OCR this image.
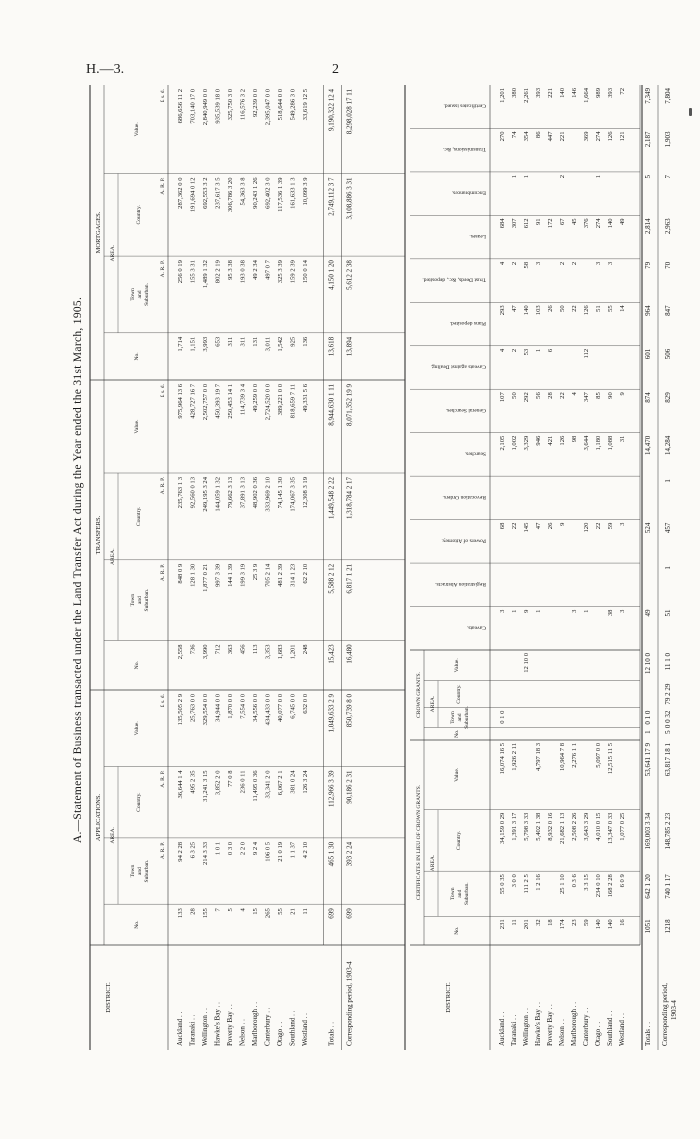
H.—3.	2
A.—Statement of Business transacted under the Land Transfer Act during the Year ended the 31st March, 1905.
DISTRICT.
APPLICATIONS.
TRANSFERS.
MORTGAGES.
No.
AREA.
Town and Suburban.
Country.
Value.
A. R. P.
A. R. P.
£ s. d.
No.
AREA.
Town and Suburban.
Country.
Value.
A. R. P.
A. R. P.
£ s. d.
No.
AREA.
Town and Suburban.
Country.
Value.
A. R. P.
A. R. P.
£ s. d.
Auckland . .
133
94 2 28
36,644 1 4
135,505 2 9
2,558
848 0 9
235,763 1 3
975,964 13 6
1,714
256 0 19
287,362 0 0
686,656 11 2
Taranaki . .
28
6 3 25
495 2 35
25,763 0 0
736
128 1 30
92,560 0 13
428,727 16 7
1,151
155 3 31
191,694 0 12
703,140 17 0
Wellington . .
155
214 3 33
31,241 3 15
329,554 0 0
3,990
1,877 0 21
249,195 3 24
2,502,757 0 0
3,993
1,489 1 32
692,553 3 2
2,840,949 0 0
Hawke's Bay . .
7
1 0 1
3,852 2 0
34,944 0 0
712
997 3 39
144,059 1 32
450,393 19 7
653
802 2 19
237,617 3 5
935,539 18 0
Poverty Bay . .
5
0 3 0
77 0 8
1,870 0 0
363
144 1 39
79,662 3 13
250,453 14 1
311
95 3 38
306,786 3 20
325,750 3 0
Nelson . .
4
2 2 0
236 0 11
7,554 0 0
456
199 3 19
37,891 3 13
114,739 3 4
311
193 0 38
54,363 3 8
116,576 3 2
Marlborough . .
15
9 2 4
11,495 0 36
34,556 0 0
113
25 3 9
48,902 0 36
49,259 0 0
131
49 2 34
90,243 1 26
92,239 0 0
Canterbury . .
265
106 0 5
33,341 2 0
434,433 0 0
3,353
705 2 14
333,969 2 10
2,724,520 0 0
3,011
497 0 7
692,402 3 0
2,395,047 0 0
Otago . .
55
21 0 19
6,067 2 1
40,077 0 0
1,683
481 2 39
74,145 1 30
389,221 0 0
1,542
325 3 39
117,536 1 39
518,644 0 0
Southland . .
21
1 1 37
381 0 24
6,745 0 0
1,201
314 1 23
174,067 3 35
818,659 7 11
925
159 2 39
161,633 1 3
549,286 3 0
Westland . .
11
4 2 10
126 3 24
632 0 0
248
62 2 10
12,308 3 19
49,331 5 6
136
150 0 14
10,099 3 9
33,619 12 5
Totals . .
699
465 1 30
112,966 3 39
1,049,633 2 9
15,423
5,588 2 12
1,449,548 2 22
8,944,630 1 11
13,618
4,150 1 20
2,749,112 3 7
9,190,322 12 4
Corresponding period, 1903-4
699
393 2 24
90,186 2 31
850,739 8 0
16,480
6,817 1 21
1,318,784 2 17
8,071,352 19 9
13,894
5,612 2 38
3,108,886 3 31
8,298,028 17 11
DISTRICT.
CERTIFICATES IN LIEU OF CROWN GRANTS.
CROWN GRANTS.
No.
AREA.
Town and Suburban.
Country.
Value.
No.
AREA.
Town and Suburban.
Country.
Value.
Caveats.
Registration Abstracts.
Powers of Attorney.
Revocation Orders.
Searches.
General Searches.
Caveats against Dealing.
Plans deposited.
Trust Deeds, &c., deposited.
Leases.
Encumbrances.
Transmissions, &c.
Certificates issued.
Auckland . .
231
55 0 35
34,159 0 29
16,074 16 5
0 1 0
3
68
2,105
107
4
293
4
684
270
1,201
Taranaki . .
11
3 0 0
1,391 3 17
1,926 2 11
1
22
1,002
50
2
47
2
307
1
74
380
Wellington . .
201
111 2 5
5,798 3 33
12 10 0
9
145
3,329
292
53
140
58
612
1
354
2,261
Hawke's Bay . .
32
1 2 16
5,402 1 38
4,797 18 3
1
47
946
56
1
103
3
91
86
393
Poverty Bay . .
18
8,932 0 16
26
421
28
6
26
172
447
221
Nelson . .
174
25 1 10
21,682 1 13
10,964 7 8
9
126
22
50
2
67
2
221
140
Marlborough . .
23
0 3 6
2,508 2 26
2,276 1 1
3
98
4
22
2
45
146
Canterbury . .
59
3 3 15
3,643 3 29
1
120
3,644
347
112
126
376
369
1,664
Otago . .
140
234 0 10
4,010 0 15
5,097 0 0
22
1,180
85
51
3
274
1
274
989
Southland . .
140
168 2 28
13,347 0 33
12,515 11 5
38
59
1,088
90
55
3
140
126
393
Westland . .
16
6 0 9
1,077 0 25
3
3
31
9
14
49
121
72
Totals . .
1051
642 1 20
169,003 3 34
53,641 17 9
1
0 1 0
12 10 0
49
524
14,470
874
601
964
79
2,814
5
2,187
7,349
Corresponding period, 1903-4
1218
740 1 17
148,785 2 23
63,817 18 1
5
0 0 32
79 2 29
11 1 0
51
1
457
1
14,284
829
506
847
70
2,963
7
1,903
7,804
